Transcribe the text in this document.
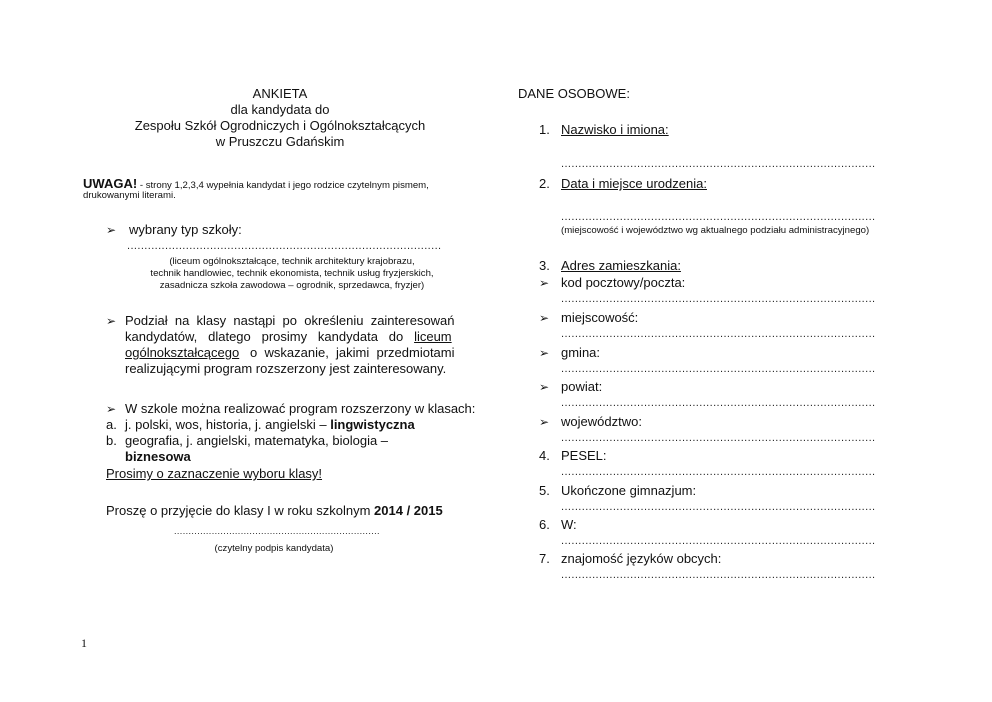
ANKIETA
dla kandydata do
Zespołu Szkół Ogrodniczych i Ogólnokształcących
w Pruszczu Gdańskim
UWAGA! - strony 1,2,3,4 wypełnia kandydat i jego rodzice czytelnym pismem,
drukowanymi literami.
➢ wybrany typ szkoły:
...........................................................................................
(liceum ogólnokształcące, technik architektury krajobrazu,
technik handlowiec, technik ekonomista, technik usług fryzjerskich,
zasadnicza szkoła zawodowa – ogrodnik, sprzedawca, fryzjer)
➢ Podział  na  klasy  nastąpi  po  określeniu  zainteresowań
kandydatów,   dlatego   prosimy   kandydata   do   liceum
ogólnokształcącego   o  wskazanie,  jakimi  przedmiotami
realizującymi program rozszerzony jest zainteresowany.
➢ W szkole można realizować program rozszerzony w klasach:
a. j. polski, wos, historia, j. angielski – lingwistyczna
b. geografia, j. angielski, matematyka, biologia –
biznesowa
Prosimy o zaznaczenie wyboru klasy!
Proszę o przyjęcie do klasy I w roku szkolnym 2014 / 2015
.......................................................................
(czytelny podpis kandydata)
1
DANE OSOBOWE:
1. Nazwisko i imiona:
...........................................................................................
2. Data i miejsce urodzenia:
...........................................................................................
(miejscowość i województwo wg aktualnego podziału administracyjnego)
3. Adres zamieszkania:
➢ kod pocztowy/poczta:
...........................................................................................
➢ miejscowość:
...........................................................................................
➢ gmina:
...........................................................................................
➢ powiat:
...........................................................................................
➢ województwo:
...........................................................................................
4. PESEL:
...........................................................................................
5. Ukończone gimnazjum:
...........................................................................................
6. W:
...........................................................................................
7. znajomość języków obcych:
...........................................................................................
